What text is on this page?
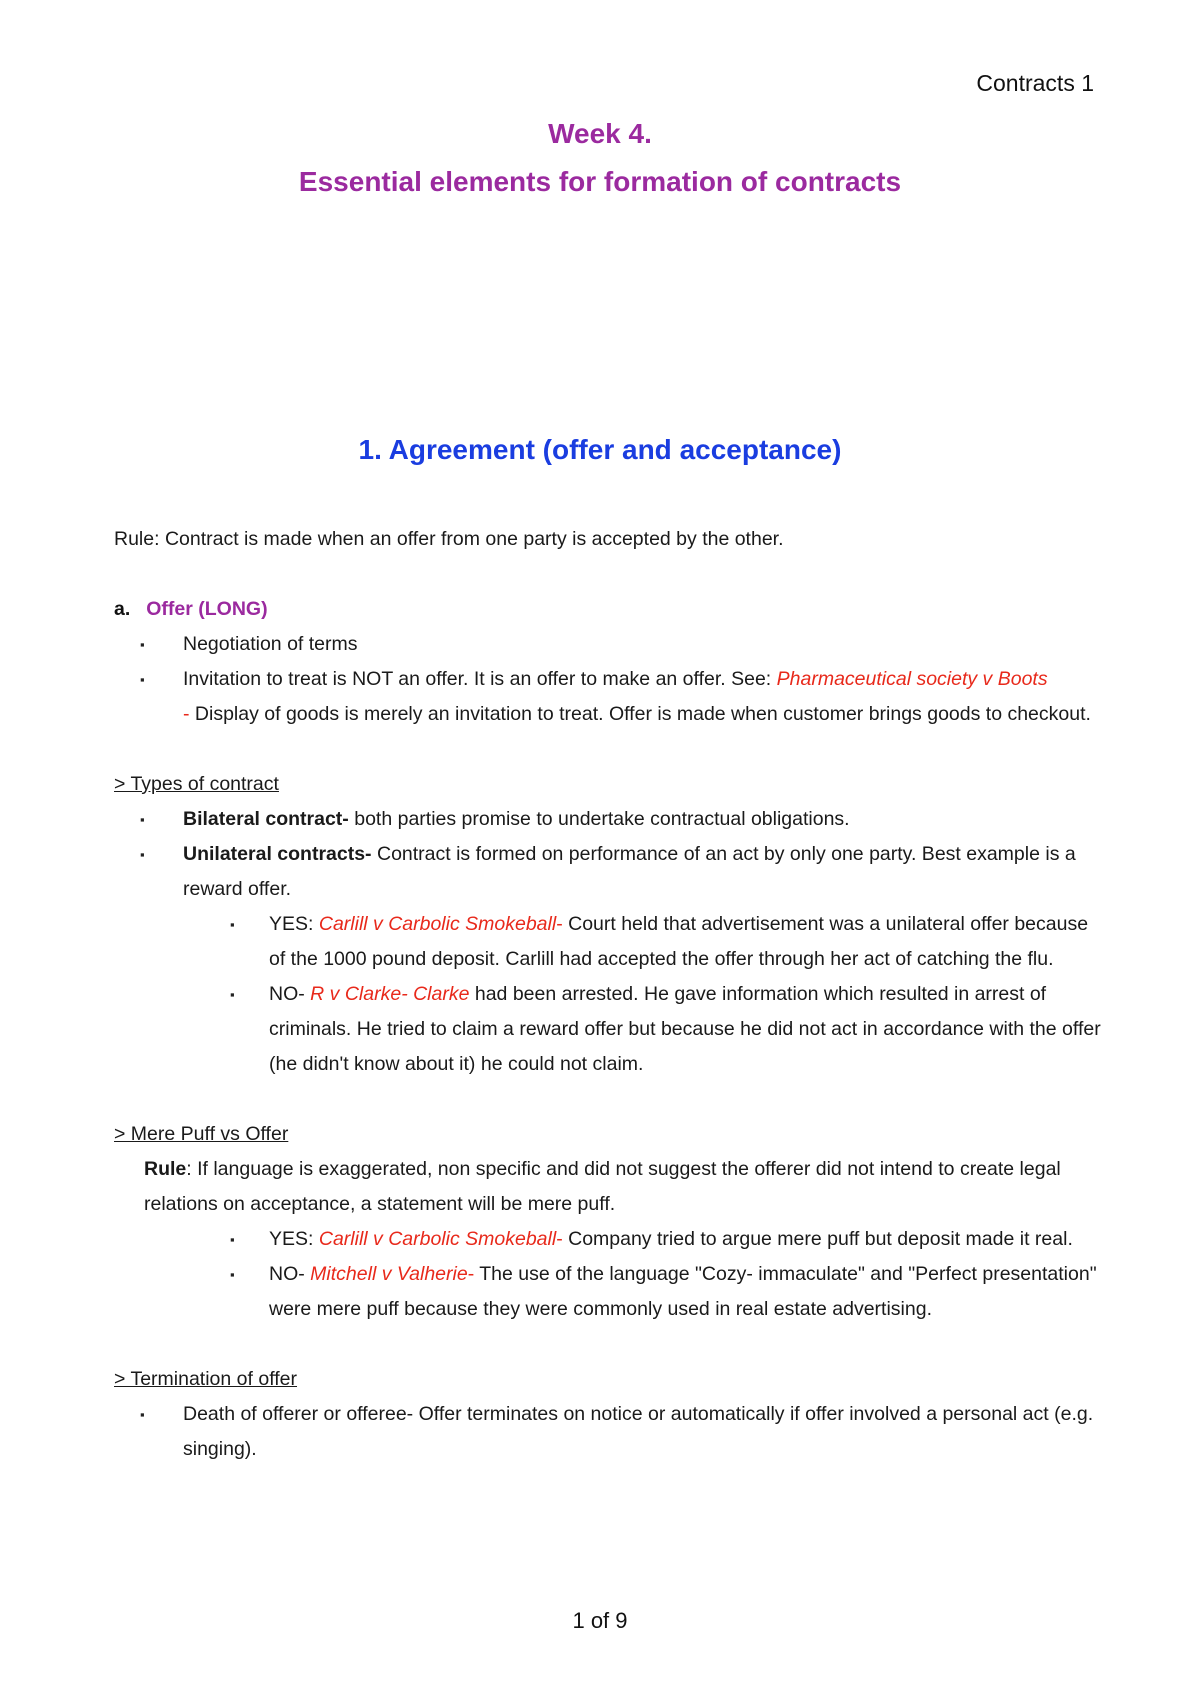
Contracts 1
Week 4.
Essential elements for formation of contracts
1. Agreement (offer and acceptance)

Rule: Contract is made when an offer from one party is accepted by the other.

a. Offer (LONG)

▪ Negotiation of terms
▪ Invitation to treat is NOT an offer. It is an offer to make an offer. See: Pharmaceutical society v Boots
- Display of goods is merely an invitation to treat. Offer is made when customer brings goods to checkout.

> Types of contract

▪ Bilateral contract- both parties promise to undertake contractual obligations.
▪ Unilateral contracts- Contract is formed on performance of an act by only one party. Best example is a reward offer.
▪ YES: Carlill v Carbolic Smokeball- Court held that advertisement was a unilateral offer because of the 1000 pound deposit. Carlill had accepted the offer through her act of catching the flu.
▪ NO- R v Clarke- Clarke had been arrested. He gave information which resulted in arrest of criminals. He tried to claim a reward offer but because he did not act in accordance with the offer (he didn't know about it) he could not claim.

> Mere Puff vs Offer

Rule: If language is exaggerated, non specific and did not suggest the offerer did not intend to create legal relations on acceptance, a statement will be mere puff.

▪ YES: Carlill v Carbolic Smokeball- Company tried to argue mere puff but deposit made it real.
▪ NO- Mitchell v Valherie- The use of the language "Cozy- immaculate" and "Perfect presentation" were mere puff because they were commonly used in real estate advertising.

> Termination of offer

▪ Death of offerer or offeree- Offer terminates on notice or automatically if offer involved a personal act (e.g. singing).
1 of 9
